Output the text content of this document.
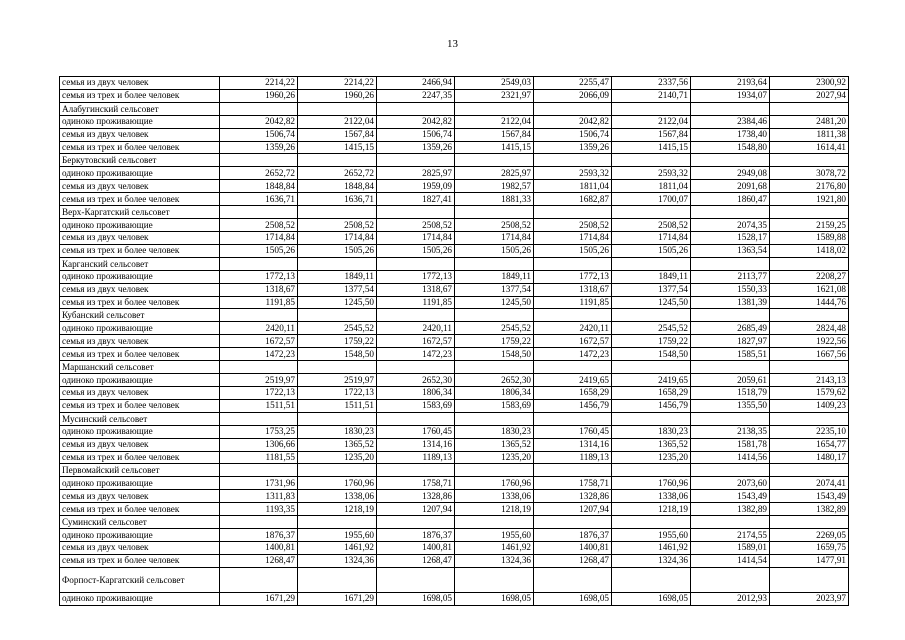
13
семья из двух человек	2214,22	2214,22	2466,94	2549,03	2255,47	2337,56	2193,64	2300,92
семья из трех и более человек	1960,26	1960,26	2247,35	2321,97	2066,09	2140,71	1934,07	2027,94
Алабугинский сельсовет								
одиноко проживающие	2042,82	2122,04	2042,82	2122,04	2042,82	2122,04	2384,46	2481,20
семья из двух человек	1506,74	1567,84	1506,74	1567,84	1506,74	1567,84	1738,40	1811,38
семья из трех и более человек	1359,26	1415,15	1359,26	1415,15	1359,26	1415,15	1548,80	1614,41
Беркутовский сельсовет								
одиноко проживающие	2652,72	2652,72	2825,97	2825,97	2593,32	2593,32	2949,08	3078,72
семья из двух человек	1848,84	1848,84	1959,09	1982,57	1811,04	1811,04	2091,68	2176,80
семья из трех и более человек	1636,71	1636,71	1827,41	1881,33	1682,87	1700,07	1860,47	1921,80
Верх-Каргатский сельсовет								
одиноко проживающие	2508,52	2508,52	2508,52	2508,52	2508,52	2508,52	2074,35	2159,25
семья из двух человек	1714,84	1714,84	1714,84	1714,84	1714,84	1714,84	1528,17	1589,88
семья из трех и более человек	1505,26	1505,26	1505,26	1505,26	1505,26	1505,26	1363,54	1418,02
Карганский сельсовет								
одиноко проживающие	1772,13	1849,11	1772,13	1849,11	1772,13	1849,11	2113,77	2208,27
семья из двух человек	1318,67	1377,54	1318,67	1377,54	1318,67	1377,54	1550,33	1621,08
семья из трех и более человек	1191,85	1245,50	1191,85	1245,50	1191,85	1245,50	1381,39	1444,76
Кубанский сельсовет								
одиноко проживающие	2420,11	2545,52	2420,11	2545,52	2420,11	2545,52	2685,49	2824,48
семья из двух человек	1672,57	1759,22	1672,57	1759,22	1672,57	1759,22	1827,97	1922,56
семья из трех и более человек	1472,23	1548,50	1472,23	1548,50	1472,23	1548,50	1585,51	1667,56
Маршанский сельсовет								
одиноко проживающие	2519,97	2519,97	2652,30	2652,30	2419,65	2419,65	2059,61	2143,13
семья из двух человек	1722,13	1722,13	1806,34	1806,34	1658,29	1658,29	1518,79	1579,62
семья из трех и более человек	1511,51	1511,51	1583,69	1583,69	1456,79	1456,79	1355,50	1409,23
Мусинский сельсовет								
одиноко проживающие	1753,25	1830,23	1760,45	1830,23	1760,45	1830,23	2138,35	2235,10
семья из двух человек	1306,66	1365,52	1314,16	1365,52	1314,16	1365,52	1581,78	1654,77
семья из трех и более человек	1181,55	1235,20	1189,13	1235,20	1189,13	1235,20	1414,56	1480,17
Первомайский сельсовет								
одиноко проживающие	1731,96	1760,96	1758,71	1760,96	1758,71	1760,96	2073,60	2074,41
семья из двух человек	1311,83	1338,06	1328,86	1338,06	1328,86	1338,06	1543,49	1543,49
семья из трех и более человек	1193,35	1218,19	1207,94	1218,19	1207,94	1218,19	1382,89	1382,89
Суминский сельсовет								
одиноко проживающие	1876,37	1955,60	1876,37	1955,60	1876,37	1955,60	2174,55	2269,05
семья из двух человек	1400,81	1461,92	1400,81	1461,92	1400,81	1461,92	1589,01	1659,75
семья из трех и более человек	1268,47	1324,36	1268,47	1324,36	1268,47	1324,36	1414,54	1477,91
Форпост-Каргатский сельсовет								
одиноко проживающие	1671,29	1671,29	1698,05	1698,05	1698,05	1698,05	2012,93	2023,97
